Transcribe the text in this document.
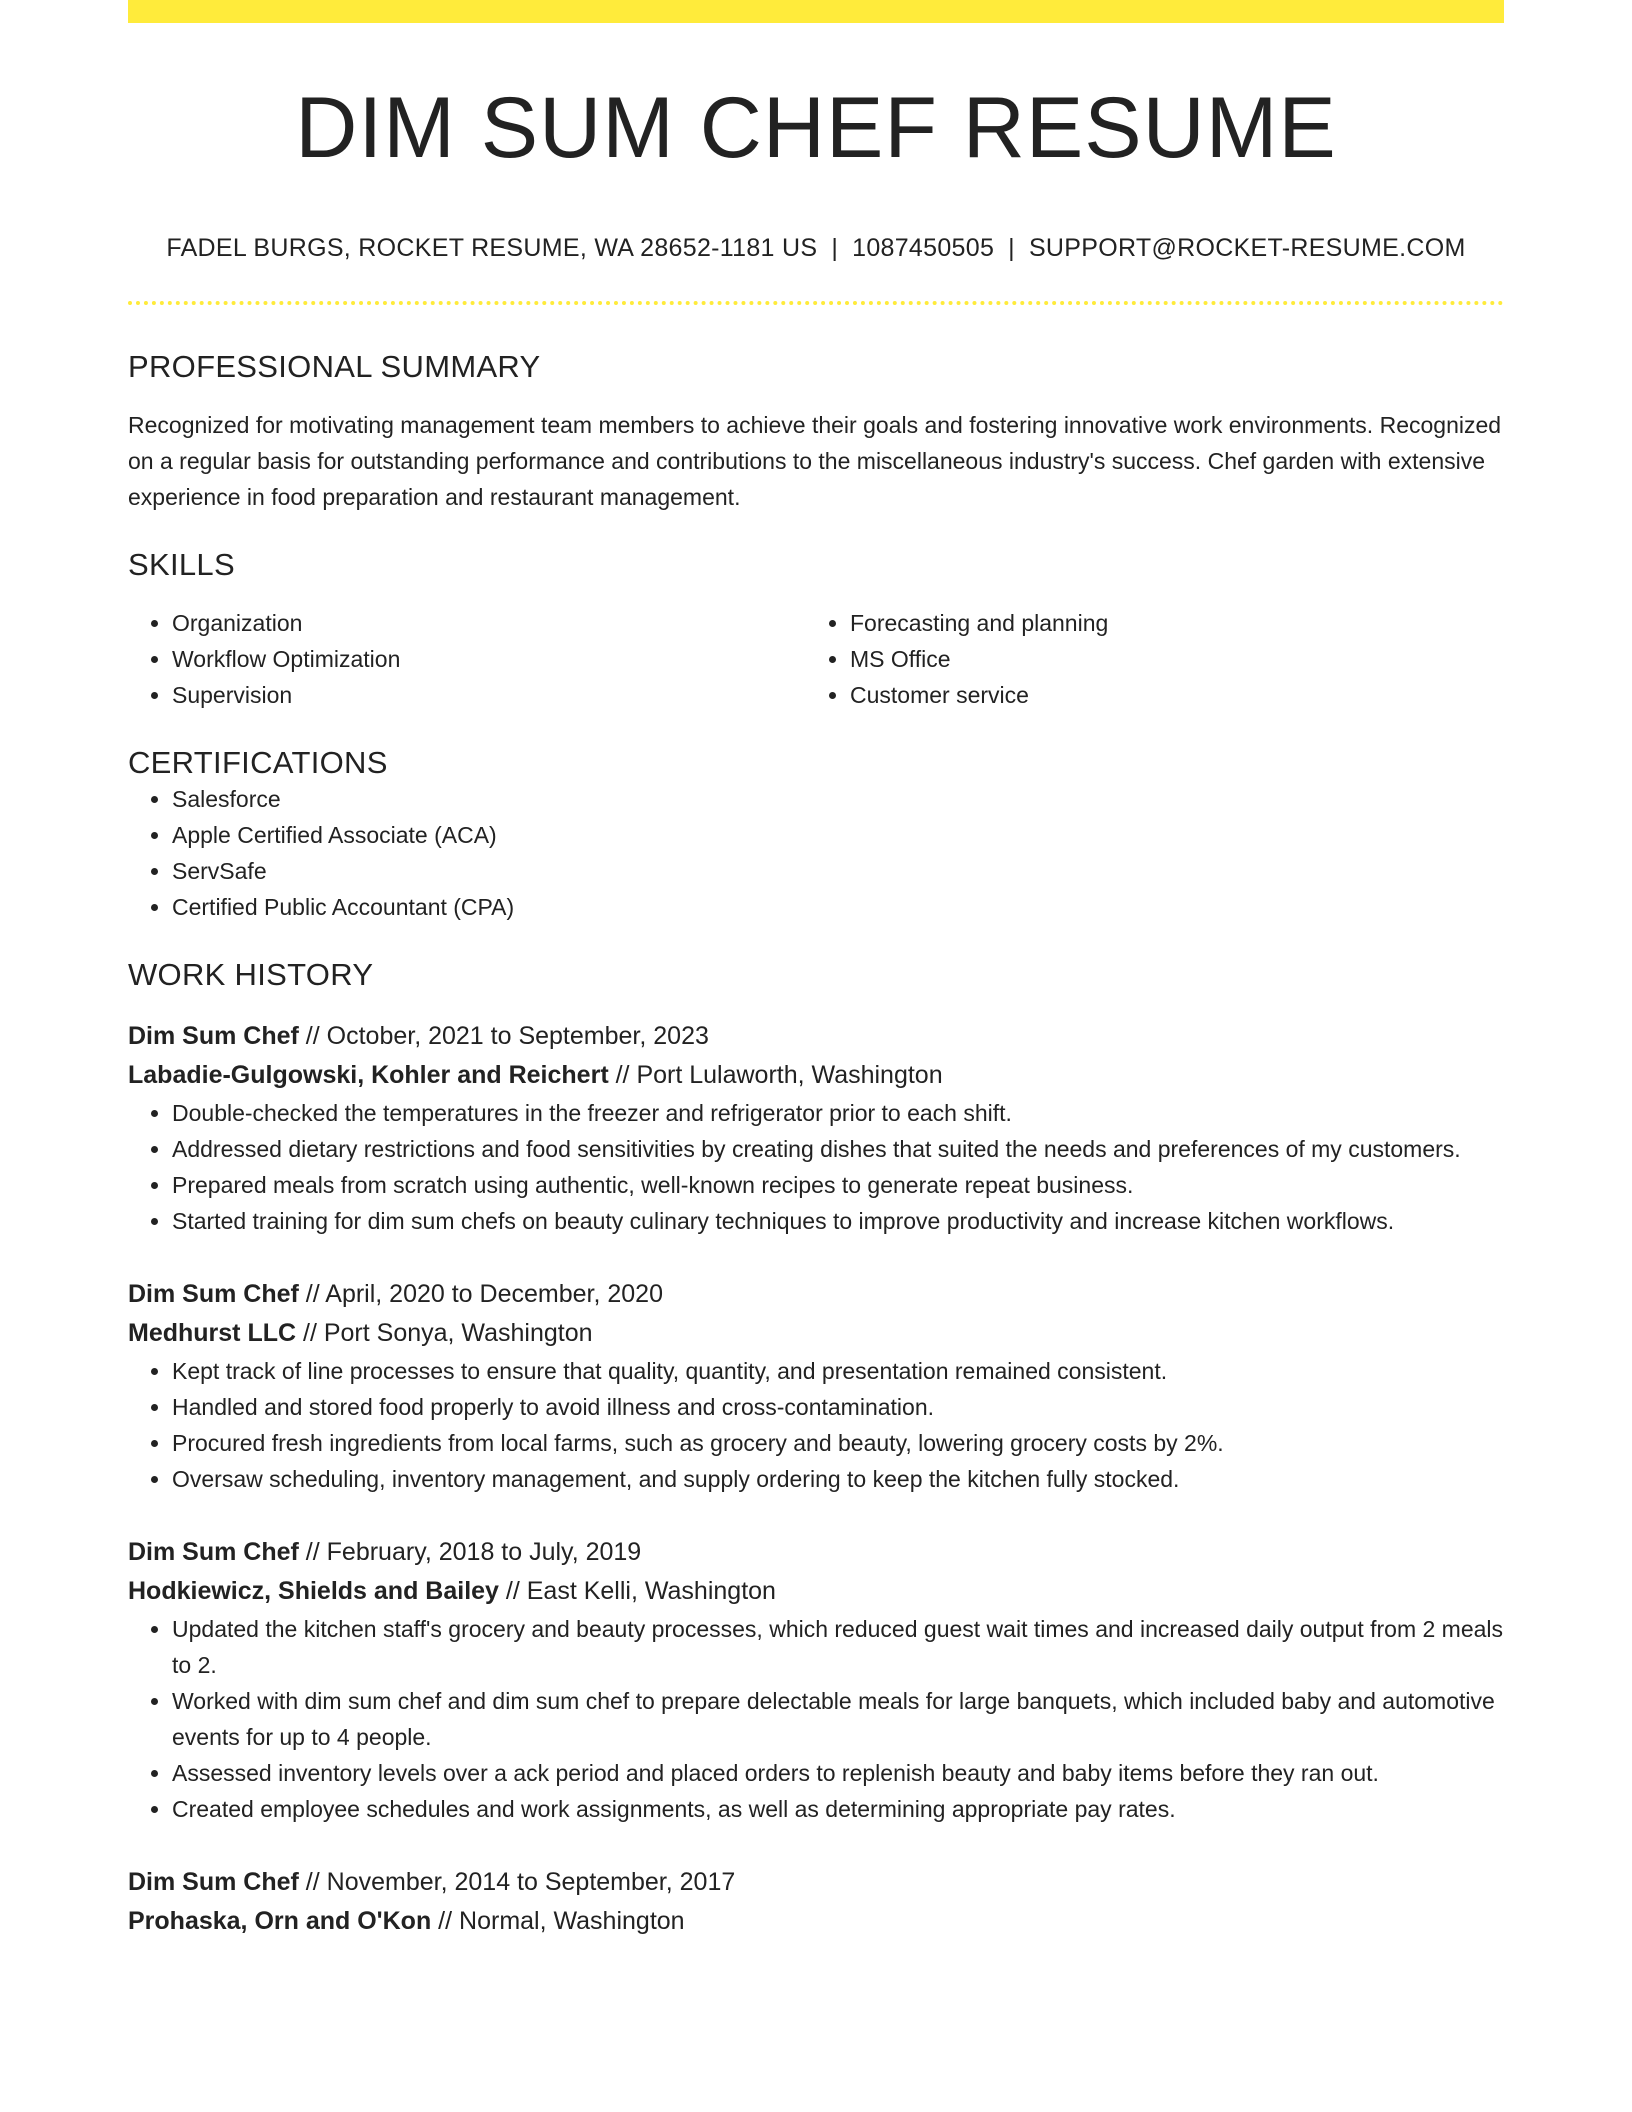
DIM SUM CHEF RESUME
FADEL BURGS, ROCKET RESUME, WA 28652-1181 US | 1087450505 | SUPPORT@ROCKET-RESUME.COM
PROFESSIONAL SUMMARY
Recognized for motivating management team members to achieve their goals and fostering innovative work environments. Recognized on a regular basis for outstanding performance and contributions to the miscellaneous industry's success. Chef garden with extensive experience in food preparation and restaurant management.
SKILLS
• Organization
• Workflow Optimization
• Supervision
• Forecasting and planning
• MS Office
• Customer service
CERTIFICATIONS
• Salesforce
• Apple Certified Associate (ACA)
• ServSafe
• Certified Public Accountant (CPA)
WORK HISTORY
Dim Sum Chef // October, 2021 to September, 2023
Labadie-Gulgowski, Kohler and Reichert // Port Lulaworth, Washington
• Double-checked the temperatures in the freezer and refrigerator prior to each shift.
• Addressed dietary restrictions and food sensitivities by creating dishes that suited the needs and preferences of my customers.
• Prepared meals from scratch using authentic, well-known recipes to generate repeat business.
• Started training for dim sum chefs on beauty culinary techniques to improve productivity and increase kitchen workflows.
Dim Sum Chef // April, 2020 to December, 2020
Medhurst LLC // Port Sonya, Washington
• Kept track of line processes to ensure that quality, quantity, and presentation remained consistent.
• Handled and stored food properly to avoid illness and cross-contamination.
• Procured fresh ingredients from local farms, such as grocery and beauty, lowering grocery costs by 2%.
• Oversaw scheduling, inventory management, and supply ordering to keep the kitchen fully stocked.
Dim Sum Chef // February, 2018 to July, 2019
Hodkiewicz, Shields and Bailey // East Kelli, Washington
• Updated the kitchen staff's grocery and beauty processes, which reduced guest wait times and increased daily output from 2 meals to 2.
• Worked with dim sum chef and dim sum chef to prepare delectable meals for large banquets, which included baby and automotive events for up to 4 people.
• Assessed inventory levels over a ack period and placed orders to replenish beauty and baby items before they ran out.
• Created employee schedules and work assignments, as well as determining appropriate pay rates.
Dim Sum Chef // November, 2014 to September, 2017
Prohaska, Orn and O'Kon // Normal, Washington
